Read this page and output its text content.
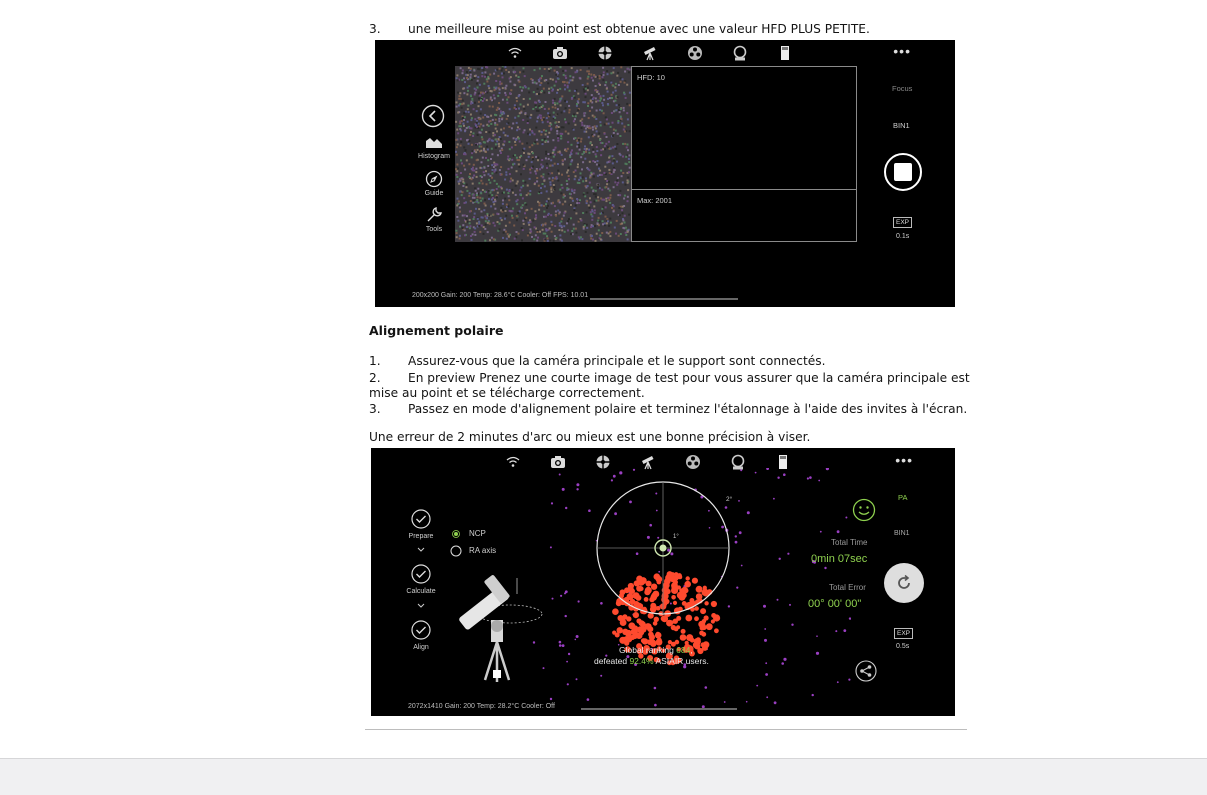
3. une meilleure mise au point est obtenue avec une valeur HFD PLUS PETITE.
•••
Histogram
Guide
Tools
HFD: 10
Max: 2001
Focus
BIN1
EXP
0.1s
200x200 Gain: 200 Temp: 28.6°C Cooler: Off FPS: 10.01
Alignement polaire
1. Assurez-vous que la caméra principale et le support sont connectés.
2. En preview Prenez une courte image de test pour vous assurer que la caméra principale est
mise au point et se télécharge correctement.
3. Passez en mode d'alignement polaire et terminez l'étalonnage à l'aide des invites à l'écran.
Une erreur de 2 minutes d'arc ou mieux est une bonne précision à viser.
•••
2°
1°
Prepare
Calculate
Align
NCP
RA axis
PA
BIN1
Total Time
0min 07sec
Total Error
00° 00' 00"
EXP
0.5s
Global ranking 684,
defeated 92.4% ASIAIR users.
2072x1410 Gain: 200 Temp: 28.2°C Cooler: Off
